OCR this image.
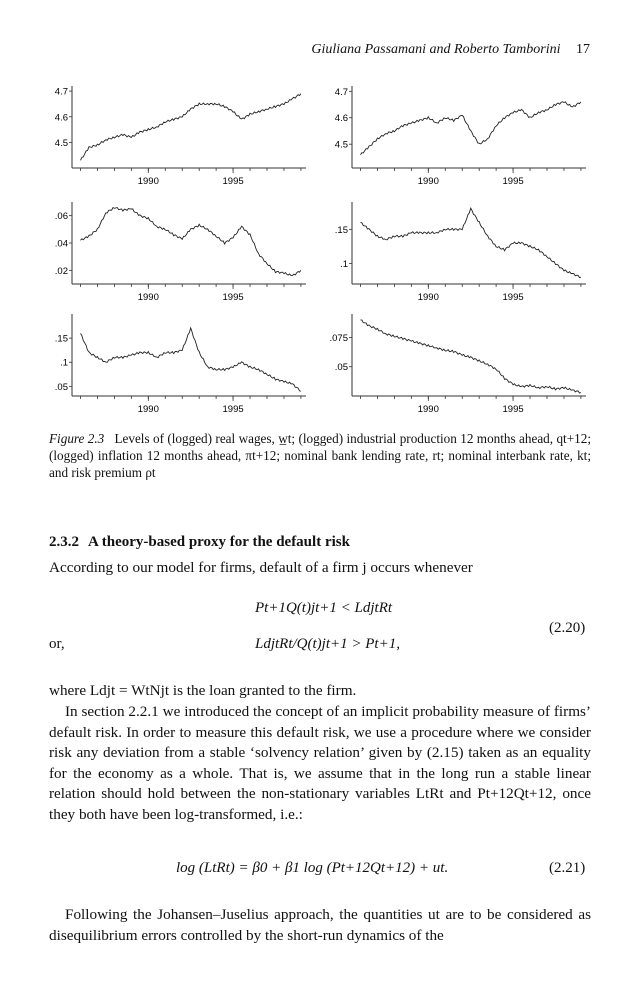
Giuliana Passamani and Roberto Tamborini 17
1990	1995
4.5
4.6
4.7
1990	1995
4.5
4.6
4.7
1990	1995
.02
.04
.06
1990	1995
.1
.15
1990	1995
.05
.1
.15
1990	1995
.05
.075
Figure 2.3 Levels of (logged) real wages, w̲t; (logged) industrial production 12 months ahead, qt+12; (logged) inflation 12 months ahead, πt+12; nominal bank lending rate, rt; nominal interbank rate, kt; and risk premium ρt
2.3.2 A theory-based proxy for the default risk
According to our model for firms, default of a firm j occurs whenever
Pt+1Q(t)jt+1 < LdjtRt
or,	LdjtRt/Q(t)jt+1 > Pt+1,
(2.20)
where Ldjt = WtNjt is the loan granted to the firm.
In section 2.2.1 we introduced the concept of an implicit probability measure of firms’ default risk. In order to measure this default risk, we use a procedure where we consider risk any deviation from a stable ‘solvency relation’ given by (2.15) taken as an equality for the economy as a whole. That is, we assume that in the long run a stable linear relation should hold between the non-stationary variables LtRt and Pt+12Qt+12, once they both have been log-transformed, i.e.:
log (LtRt) = β0 + β1 log (Pt+12Qt+12) + ut.	(2.21)
Following the Johansen–Juselius approach, the quantities ut are to be considered as disequilibrium errors controlled by the short-run dynamics of the
